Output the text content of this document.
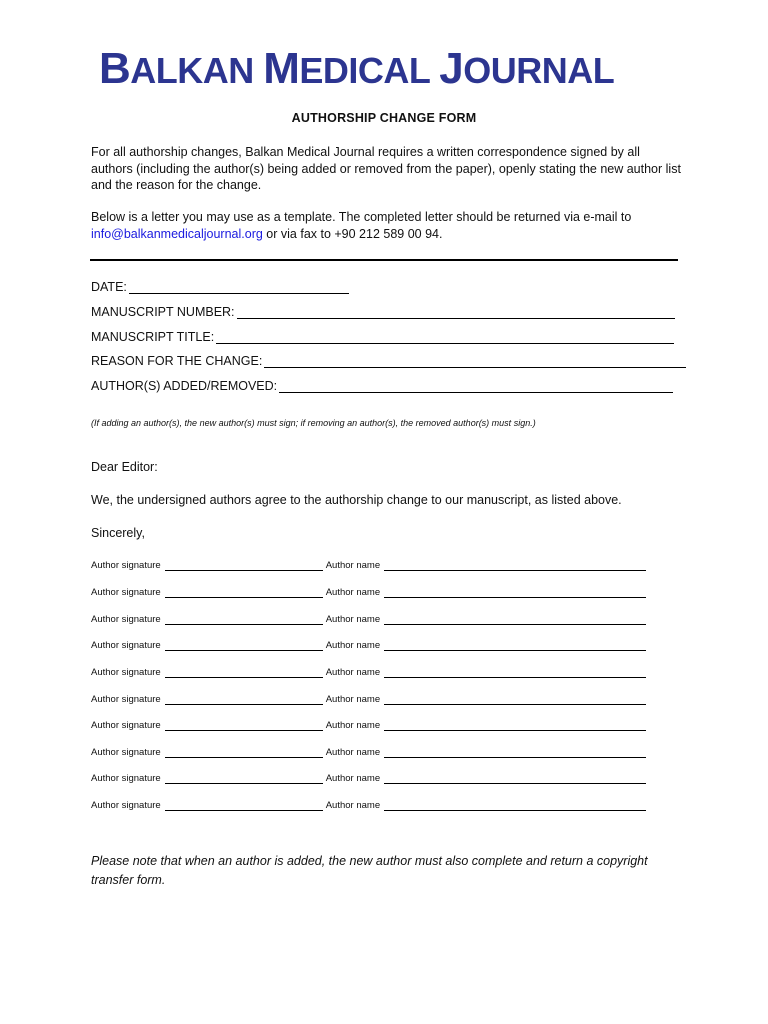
BALKAN MEDICAL JOURNAL
AUTHORSHIP CHANGE FORM
For all authorship changes, Balkan Medical Journal requires a written correspondence signed by all authors (including the author(s) being added or removed from the paper), openly stating the new author list and the reason for the change.
Below is a letter you may use as a template. The completed letter should be returned via e-mail to info@balkanmedicaljournal.org or via fax to +90 212 589 00 94.
DATE:
MANUSCRIPT NUMBER:
MANUSCRIPT TITLE:
REASON FOR THE CHANGE:
AUTHOR(S) ADDED/REMOVED:
(If adding an author(s), the new author(s) must sign; if removing an author(s), the removed author(s) must sign.)
Dear Editor:
We, the undersigned authors agree to the authorship change to our manuscript, as listed above.
Sincerely,
Author signature	Author name
Author signature	Author name
Author signature	Author name
Author signature	Author name
Author signature	Author name
Author signature	Author name
Author signature	Author name
Author signature	Author name
Author signature	Author name
Author signature	Author name
Please note that when an author is added, the new author must also complete and return a copyright transfer form.
